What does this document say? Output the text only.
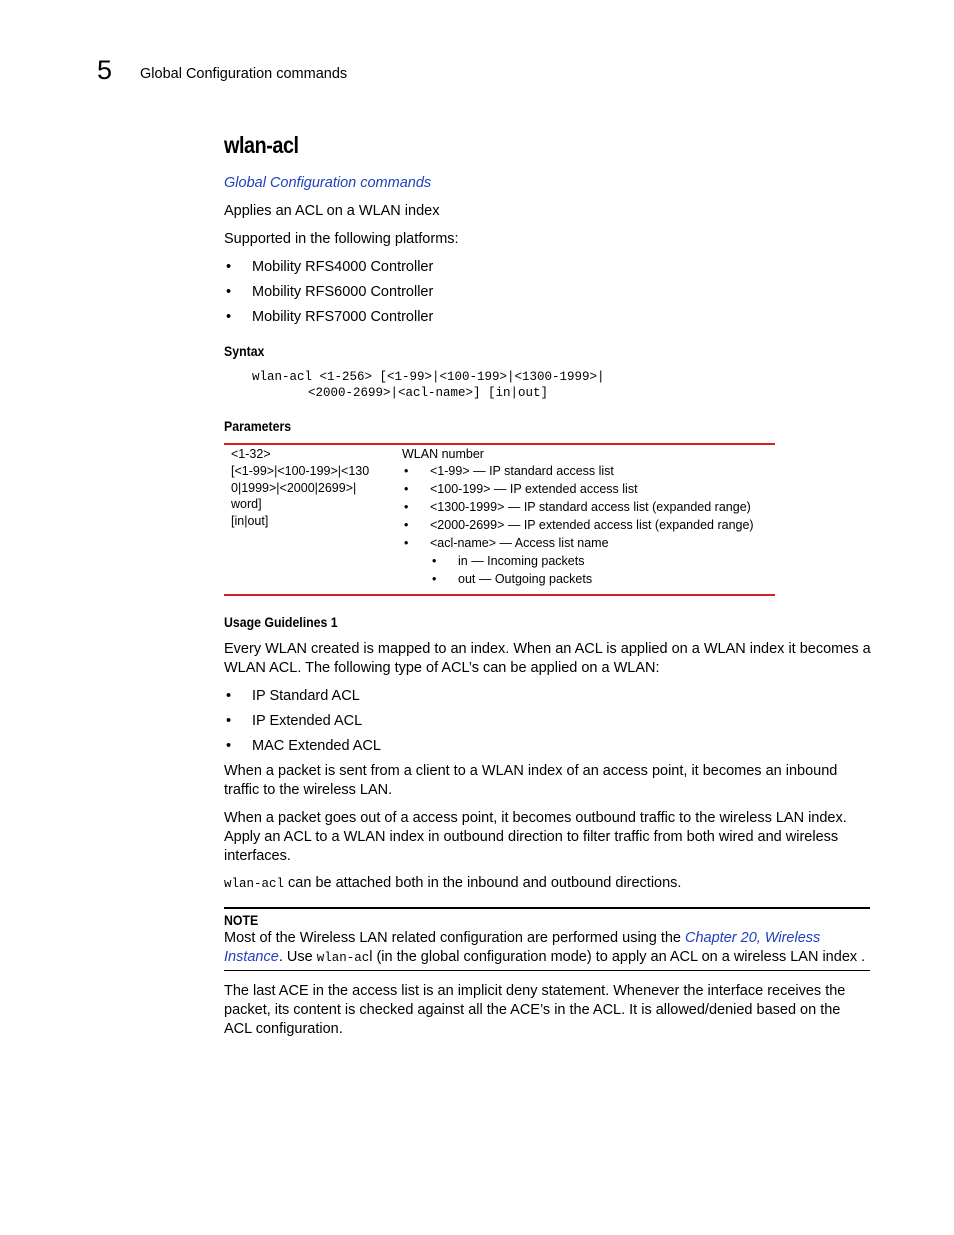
5 Global Configuration commands
wlan-acl
Global Configuration commands
Applies an ACL on a WLAN index
Supported in the following platforms:
• Mobility RFS4000 Controller
• Mobility RFS6000 Controller
• Mobility RFS7000 Controller
Syntax
wlan-acl <1-256> [<1-99>|<100-199>|<1300-1999>|
<2000-2699>|<acl-name>] [in|out]
Parameters
<1-32>
[<1-99>|<100-199>|<130
0|1999>|<2000|2699>|
word]
[in|out]
WLAN number
• <1-99> — IP standard access list
• <100-199> — IP extended access list
• <1300-1999> — IP standard access list (expanded range)
• <2000-2699> — IP extended access list (expanded range)
• <acl-name> — Access list name
• in — Incoming packets
• out — Outgoing packets
Usage Guidelines 1
Every WLAN created is mapped to an index. When an ACL is applied on a WLAN index it becomes a
WLAN ACL. The following type of ACL’s can be applied on a WLAN:
• IP Standard ACL
• IP Extended ACL
• MAC Extended ACL
When a packet is sent from a client to a WLAN index of an access point, it becomes an inbound
traffic to the wireless LAN.
When a packet goes out of a access point, it becomes outbound traffic to the wireless LAN index.
Apply an ACL to a WLAN index in outbound direction to filter traffic from both wired and wireless
interfaces.
wlan-acl can be attached both in the inbound and outbound directions.
NOTE
Most of the Wireless LAN related configuration are performed using the Chapter 20, Wireless
Instance. Use wlan-acl (in the global configuration mode) to apply an ACL on a wireless LAN index .
The last ACE in the access list is an implicit deny statement. Whenever the interface receives the
packet, its content is checked against all the ACE’s in the ACL. It is allowed/denied based on the
ACL configuration.
